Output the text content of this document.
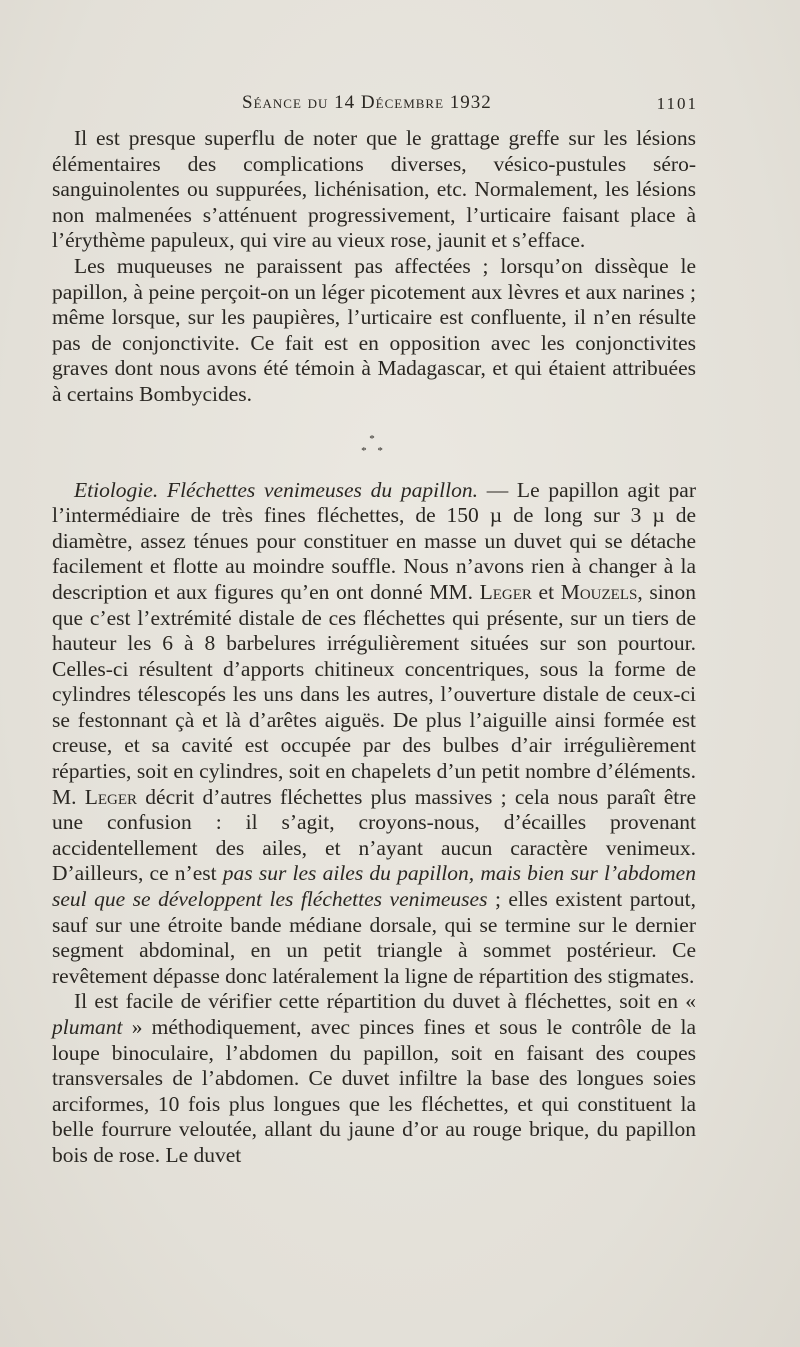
Séance du 14 Décembre 1932	1101

Il est presque superflu de noter que le grattage greffe sur les lésions élémentaires des complications diverses, vésico-pustules séro-sanguinolentes ou suppurées, lichénisation, etc. Normalement, les lésions non malmenées s’atténuent progressivement, l’urticaire faisant place à l’érythème papuleux, qui vire au vieux rose, jaunit et s’efface.

Les muqueuses ne paraissent pas affectées ; lorsqu’on dissèque le papillon, à peine perçoit-on un léger picotement aux lèvres et aux narines ; même lorsque, sur les paupières, l’urticaire est confluente, il n’en résulte pas de conjonctivite. Ce fait est en opposition avec les conjonctivites graves dont nous avons été témoin à Madagascar, et qui étaient attribuées à certains Bombycides.

*
* *

Etiologie. Fléchettes venimeuses du papillon. — Le papillon agit par l’intermédiaire de très fines fléchettes, de 150 µ de long sur 3 µ de diamètre, assez ténues pour constituer en masse un duvet qui se détache facilement et flotte au moindre souffle. Nous n’avons rien à changer à la description et aux figures qu’en ont donné MM. Leger et Mouzels, sinon que c’est l’extrémité distale de ces fléchettes qui présente, sur un tiers de hauteur les 6 à 8 barbelures irrégulièrement situées sur son pourtour. Celles-ci résultent d’apports chitineux concentriques, sous la forme de cylindres télescopés les uns dans les autres, l’ouverture distale de ceux-ci se festonnant çà et là d’arêtes aiguës. De plus l’aiguille ainsi formée est creuse, et sa cavité est occupée par des bulbes d’air irrégulièrement réparties, soit en cylindres, soit en chapelets d’un petit nombre d’éléments. M. Leger décrit d’autres fléchettes plus massives ; cela nous paraît être une confusion : il s’agit, croyons-nous, d’écailles provenant accidentellement des ailes, et n’ayant aucun caractère venimeux. D’ailleurs, ce n’est pas sur les ailes du papillon, mais bien sur l’abdomen seul que se développent les fléchettes venimeuses ; elles existent partout, sauf sur une étroite bande médiane dorsale, qui se termine sur le dernier segment abdominal, en un petit triangle à sommet postérieur. Ce revêtement dépasse donc latéralement la ligne de répartition des stigmates.

Il est facile de vérifier cette répartition du duvet à fléchettes, soit en « plumant » méthodiquement, avec pinces fines et sous le contrôle de la loupe binoculaire, l’abdomen du papillon, soit en faisant des coupes transversales de l’abdomen. Ce duvet infiltre la base des longues soies arciformes, 10 fois plus longues que les fléchettes, et qui constituent la belle fourrure veloutée, allant du jaune d’or au rouge brique, du papillon bois de rose. Le duvet
